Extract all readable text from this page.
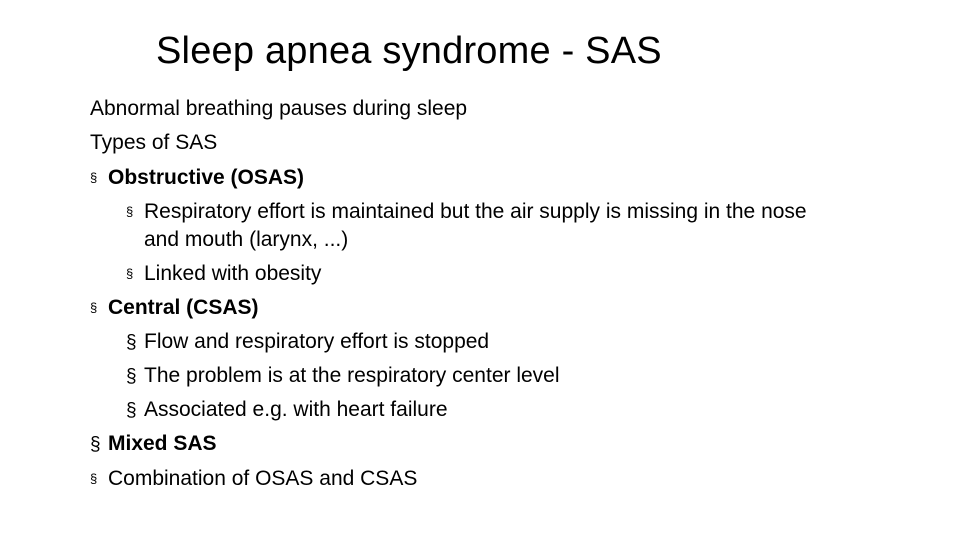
Sleep apnea syndrome - SAS
Abnormal breathing pauses during sleep
Types of SAS
§ Obstructive (OSAS)
§ Respiratory effort is maintained but the air supply is missing in the nose
and mouth (larynx, ...)
§ Linked with obesity
§ Central (CSAS)
§ Flow and respiratory effort is stopped
§ The problem is at the respiratory center level
§ Associated e.g. with heart failure
§ Mixed SAS
§ Combination of OSAS and CSAS
